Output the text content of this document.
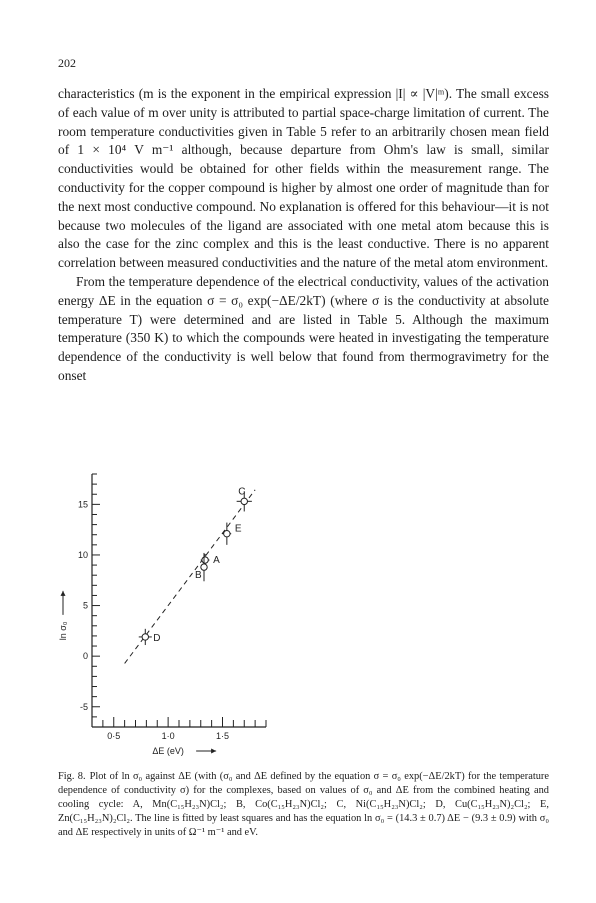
202

characteristics (m is the exponent in the empirical expression |I| ∝ |V|ᵐ). The small excess of each value of m over unity is attributed to partial space-charge limitation of current. The room temperature conductivities given in Table 5 refer to an arbitrarily chosen mean field of 1 × 10⁴ V m⁻¹ although, because departure from Ohm's law is small, similar conductivities would be obtained for other fields within the measurement range. The conductivity for the copper compound is higher by almost one order of magnitude than for the next most conductive compound. No explanation is offered for this behaviour—it is not because two molecules of the ligand are associated with one metal atom because this is also the case for the zinc complex and this is the least conductive. There is no apparent correlation between measured conductivities and the nature of the metal atom environment.

From the temperature dependence of the electrical conductivity, values of the activation energy ΔE in the equation σ = σ₀ exp(−ΔE/2kT) (where σ is the conductivity at absolute temperature T) were determined and are listed in Table 5. Although the maximum temperature (350 K) to which the compounds were heated in investigating the temperature dependence of the conductivity is well below that found from thermogravimetry for the onset

-5
0
5
10
15
0·5	1·0	1·5
ΔE (eV)
ln σ₀
A
B
C
D
E
Fig. 8. Plot of ln σ₀ against ΔE (with (σ₀ and ΔE defined by the equation σ = σ₀ exp(−ΔE/2kT) for the temperature dependence of conductivity σ) for the complexes, based on values of σ₀ and ΔE from the combined heating and cooling cycle: A, Mn(C₁₅H₂₃N)Cl₂; B, Co(C₁₅H₂₃N)Cl₂; C, Ni(C₁₅H₂₃N)Cl₂; D, Cu(C₁₅H₂₃N)₂Cl₂; E, Zn(C₁₅H₂₃N)₂Cl₂. The line is fitted by least squares and has the equation ln σ₀ = (14.3 ± 0.7) ΔE − (9.3 ± 0.9) with σ₀ and ΔE respectively in units of Ω⁻¹ m⁻¹ and eV.
